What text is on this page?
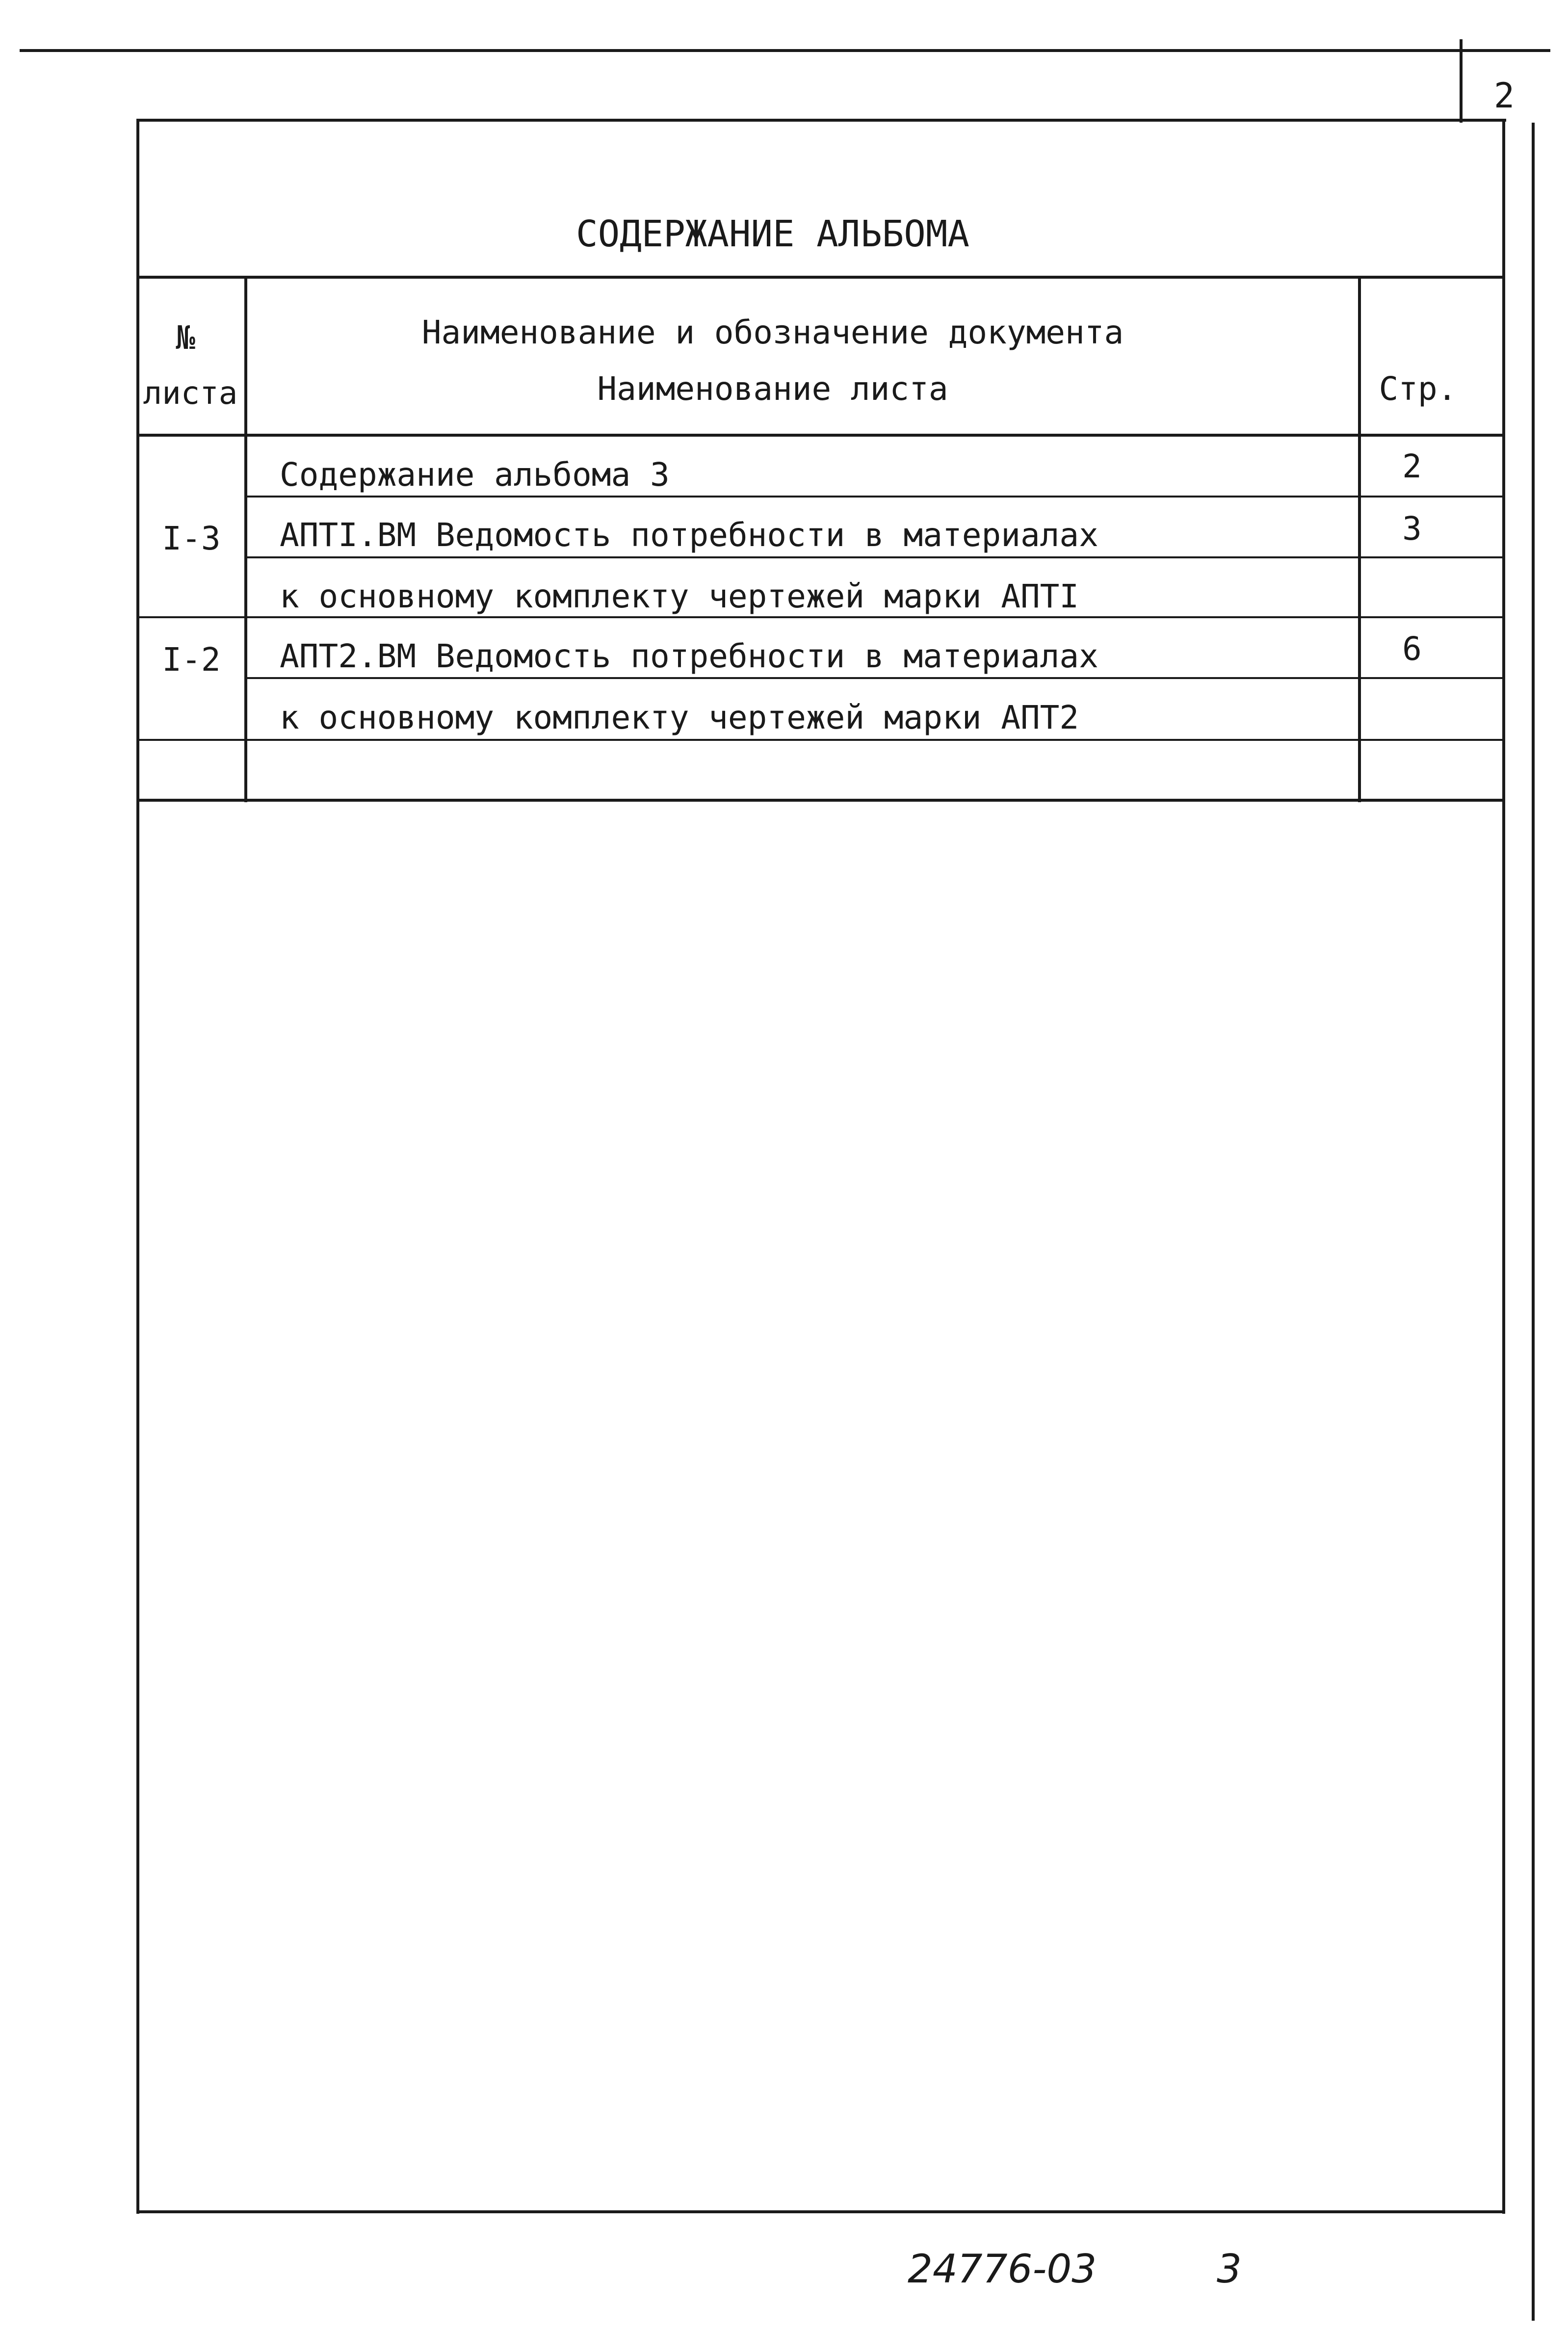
2
СОДЕРЖАНИЕ АЛЬБОМА
№
листа
Наименование и обозначение документа
Наименование листа	Стр.
Содержание альбома 3	2
I-3 АПТI.ВМ Ведомость потребности в материалах	3
к основному комплекту чертежей марки АПТI
I-2 АПТ2.ВМ Ведомость потребности в материалах	6
к основному комплекту чертежей марки АПТ2
24776-03	3
